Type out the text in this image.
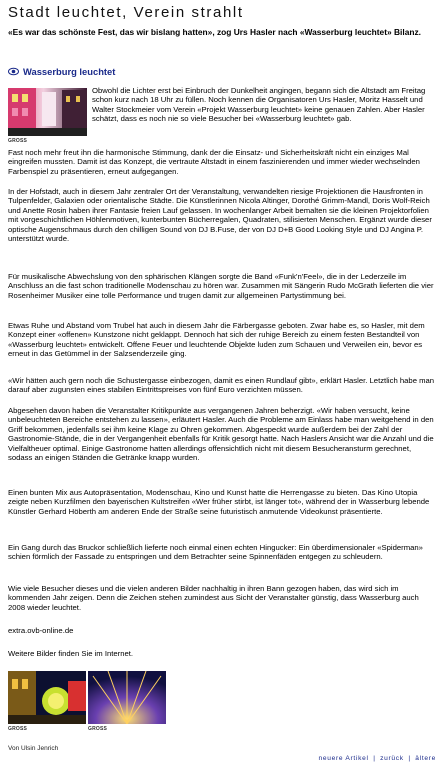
Stadt leuchtet, Verein strahlt
«Es war das schönste Fest, das wir bislang hatten», zog Urs Hasler nach «Wasserburg leuchtet» Bilanz.
Wasserburg leuchtet
GROSS

Obwohl die Lichter erst bei Einbruch der Dunkelheit angingen, begann sich die Altstadt am Freitag schon kurz nach 18 Uhr zu füllen. Noch kennen die Organisatoren Urs Hasler, Moritz Hasselt und Walter Stockmeier vom Verein «Projekt Wasserburg leuchtet» keine genauen Zahlen. Aber Hasler schätzt, dass es noch nie so viele Besucher bei «Wasserburg leuchtet» gab.

Fast noch mehr freut ihn die harmonische Stimmung, dank der die Einsatz- und Sicherheitskräft nicht ein einziges Mal eingreifen mussten. Damit ist das Konzept, die vertraute Altstadt in einem faszinierenden und immer wieder wechselnden Farbenspiel zu präsentieren, erneut aufgegangen.

In der Hofstadt, auch in diesem Jahr zentraler Ort der Veranstaltung, verwandelten riesige Projektionen die Hausfronten in Tulpenfelder, Galaxien oder orientalische Städte. Die Künstlerinnen Nicola Altinger, Dorothé Grimm-Mandl, Doris Wolf-Reich und Anette Rosin haben ihrer Fantasie freien Lauf gelassen. In wochenlanger Arbeit bemalten sie die kleinen Projektorfolien mit vorgeschichtlichen Höhlenmotiven, kunterbunten Bücherregalen, Quadraten, stilisierten Menschen. Ergänzt wurde dieser optische Augenschmaus durch den chilligen Sound von DJ B.Fuse, der von DJ D+B Good Looking Style und DJ Angina P. unterstützt wurde.

Für musikalische Abwechslung von den sphärischen Klängen sorgte die Band «Funk'n'Feel», die in der Lederzeile im Anschluss an die fast schon traditionelle Modenschau zu hören war. Zusammen mit Sängerin Rudo McGrath lieferten die vier Rosenheimer Musiker eine tolle Performance und trugen damit zur allgemeinen Partystimmung bei.

Etwas Ruhe und Abstand vom Trubel hat auch in diesem Jahr die Färbergasse geboten. Zwar habe es, so Hasler, mit dem Konzept einer «offenen» Kunstzone nicht geklappt. Dennoch hat sich der ruhige Bereich zu einem festen Bestandteil von «Wasserburg leuchtet» entwickelt. Offene Feuer und leuchtende Objekte luden zum Schauen und Verweilen ein, bevor es erneut in das Getümmel in der Salzsenderzeile ging.

«Wir hätten auch gern noch die Schustergasse einbezogen, damit es einen Rundlauf gibt», erklärt Hasler. Letztlich habe man darauf aber zugunsten eines stabilen Eintrittspreises von fünf Euro verzichten müssen.

Abgesehen davon haben die Veranstalter Kritikpunkte aus vergangenen Jahren beherzigt. «Wir haben versucht, keine unbeleuchteten Bereiche entstehen zu lassen», erläutert Hasler. Auch die Probleme am Einlass habe man weitgehend in den Griff bekommen, jedenfalls sei ihm keine Klage zu Ohren gekommen. Abgespeckt wurde außerdem bei der Zahl der Gastronomie-Stände, die in der Vergangenheit ebenfalls für Kritik gesorgt hatte. Nach Haslers Ansicht war die Anzahl und die Vielfaltheuer optimal. Einige Gastronome hatten allerdings offensichtlich nicht mit diesem Besucheransturm gerechnet, sodass an einigen Ständen die Getränke knapp wurden.

Einen bunten Mix aus Autopräsentation, Modenschau, Kino und Kunst hatte die Herrengasse zu bieten. Das Kino Utopia zeigte neben Kurzfilmen den bayerischen Kultstreifen «Wer früher stirbt, ist länger tot», während der in Wasserburg lebende Künstler Gerhard Höberth am anderen Ende der Straße seine futuristisch anmutende Videokunst präsentierte.

Ein Gang durch das Bruckor schließlich lieferte noch einmal einen echten Hingucker: Ein überdimensionaler «Spiderman» schien förmlich der Fassade zu entspringen und dem Betrachter seine Spinnenfäden entgegen zu schleudern.

Wie viele Besucher dieses und die vielen anderen Bilder nachhaltig in ihren Bann gezogen haben, das wird sich im kommenden Jahr zeigen. Denn die Zeichen stehen zumindest aus Sicht der Veranstalter günstig, dass Wasserburg auch 2008 wieder leuchtet.

extra.ovb-online.de

Weitere Bilder finden Sie im Internet.

GROSS	GROSS
Von Ulsin Jenrich
neuere Artikel | zurück | ältere
